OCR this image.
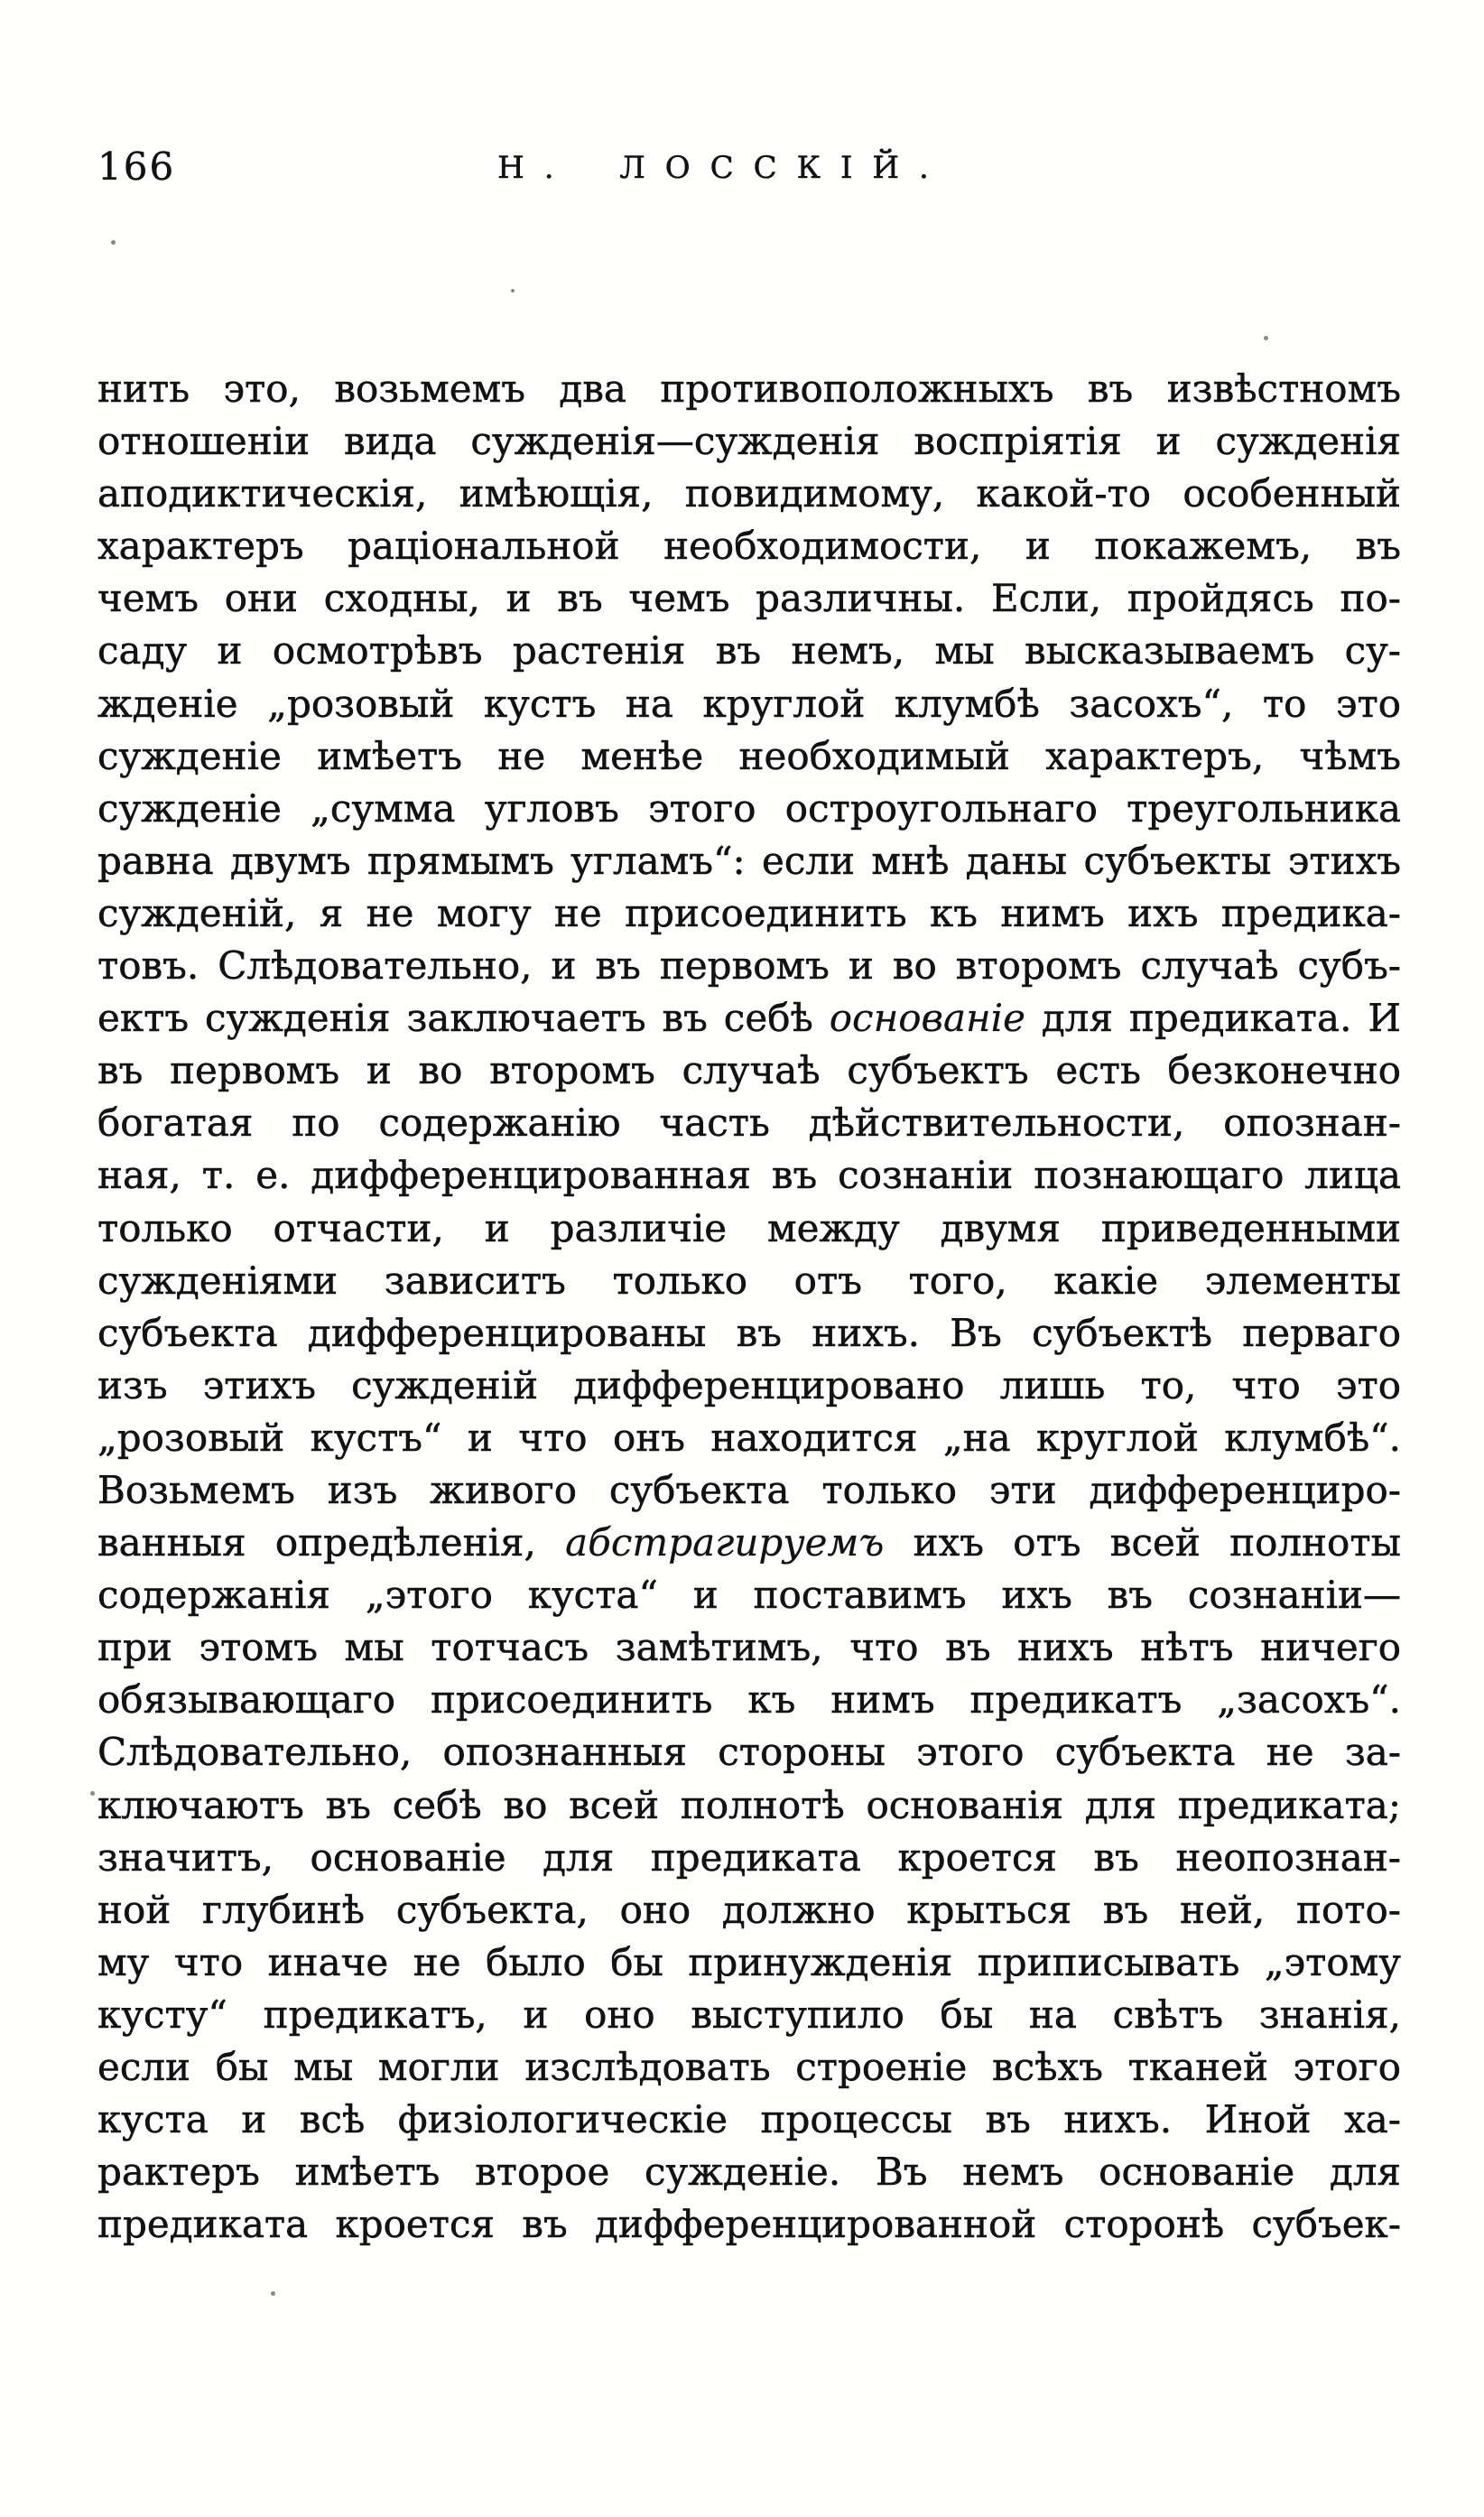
166	Н. ЛОССКІЙ.
нить это, возьмемъ два противоположныхъ въ извѣстномъ
отношеніи вида сужденія—сужденія воспріятія и сужденія
аподиктическія, имѣющія, повидимому, какой-то особенный
характеръ раціональной необходимости, и покажемъ, въ
чемъ они сходны, и въ чемъ различны. Если, пройдясь по-
саду и осмотрѣвъ растенія въ немъ, мы высказываемъ су-
жденіе „розовый кустъ на круглой клумбѣ засохъ“, то это
сужденіе имѣетъ не менѣе необходимый характеръ, чѣмъ
сужденіе „сумма угловъ этого остроугольнаго треугольника
равна двумъ прямымъ угламъ“: если мнѣ даны субъекты этихъ
сужденій, я не могу не присоединить къ нимъ ихъ предика-
товъ. Слѣдовательно, и въ первомъ и во второмъ случаѣ субъ-
ектъ сужденія заключаетъ въ себѣ основаніе для предиката. И
въ первомъ и во второмъ случаѣ субъектъ есть безконечно
богатая по содержанію часть дѣйствительности, опознан-
ная, т. е. дифференцированная въ сознаніи познающаго лица
только отчасти, и различіе между двумя приведенными
сужденіями зависитъ только отъ того, какіе элементы
субъекта дифференцированы въ нихъ. Въ субъектѣ перваго
изъ этихъ сужденій дифференцировано лишь то, что это
„розовый кустъ“ и что онъ находится „на круглой клумбѣ“.
Возьмемъ изъ живого субъекта только эти дифференциро-
ванныя опредѣленія, абстрагируемъ ихъ отъ всей полноты
содержанія „этого куста“ и поставимъ ихъ въ сознаніи—
при этомъ мы тотчасъ замѣтимъ, что въ нихъ нѣтъ ничего
обязывающаго присоединить къ нимъ предикатъ „засохъ“.
Слѣдовательно, опознанныя стороны этого субъекта не за-
ключаютъ въ себѣ во всей полнотѣ основанія для предиката;
значитъ, основаніе для предиката кроется въ неопознан-
ной глубинѣ субъекта, оно должно крыться въ ней, пото-
му что иначе не было бы принужденія приписывать „этому
кусту“ предикатъ, и оно выступило бы на свѣтъ знанія,
если бы мы могли изслѣдовать строеніе всѣхъ тканей этого
куста и всѣ физіологическіе процессы въ нихъ. Иной ха-
рактеръ имѣетъ второе сужденіе. Въ немъ основаніе для
предиката кроется въ дифференцированной сторонѣ субъек-
